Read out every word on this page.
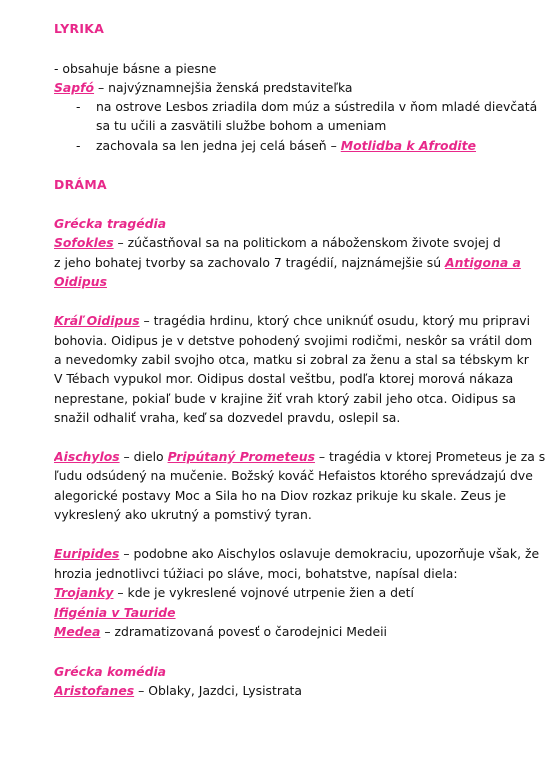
LYRIKA
- obsahuje básne a piesne
Sapfó – najvýznamnejšia ženská predstaviteľka
- na ostrove Lesbos zriadila dom múz a sústredila v ňom mladé dievčatá
sa tu učili a zasvätili službe bohom a umeniam
- zachovala sa len jedna jej celá báseň – Motlidba k Afrodite
DRÁMA
Grécka tragédia
Sofokles – zúčastňoval sa na politickom a náboženskom živote svojej d
z jeho bohatej tvorby sa zachovalo 7 tragédií, najznámejšie sú Antigona a
Oidipus
Kráľ Oidipus – tragédia hrdinu, ktorý chce uniknúť osudu, ktorý mu pripravi
bohovia. Oidipus je v detstve pohodený svojimi rodičmi, neskôr sa vrátil dom
a nevedomky zabil svojho otca, matku si zobral za ženu a stal sa tébskym kr
V Tébach vypukol mor. Oidipus dostal veštbu, podľa ktorej morová nákaza
neprestane, pokiaľ bude v krajine žiť vrah ktorý zabil jeho otca. Oidipus sa
snažil odhaliť vraha, keď sa dozvedel pravdu, oslepil sa.
Aischylos – dielo Pripútaný Prometeus – tragédia v ktorej Prometeus je za s
ľudu odsúdený na mučenie. Božský kováč Hefaistos ktorého sprevádzajú dve
alegorické postavy Moc a Sila ho na Diov rozkaz prikuje ku skale. Zeus je
vykreslený ako ukrutný a pomstivý tyran.
Euripides – podobne ako Aischylos oslavuje demokraciu, upozorňuje však, že
hrozia jednotlivci túžiaci po sláve, moci, bohatstve, napísal diela:
Trojanky – kde je vykreslené vojnové utrpenie žien a detí
Ifigénia v Tauride
Medea – zdramatizovaná povesť o čarodejnici Medeii
Grécka komédia
Aristofanes – Oblaky, Jazdci, Lysistrata
